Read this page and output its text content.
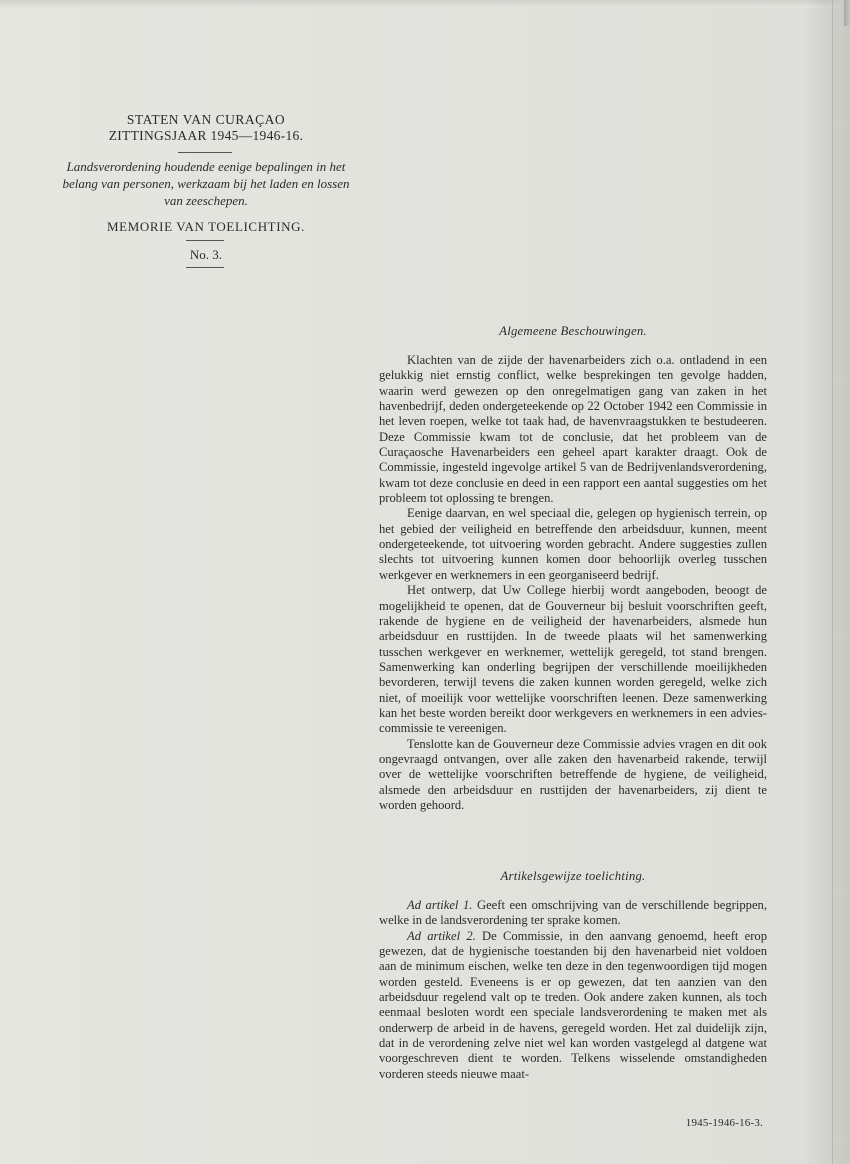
STATEN VAN CURAÇAO
ZITTINGSJAAR 1945—1946-16.
Landsverordening houdende eenige bepalingen in het belang van personen, werkzaam bij het laden en lossen van zeeschepen.
MEMORIE VAN TOELICHTING.
No. 3.
Algemeene Beschouwingen.

Klachten van de zijde der havenarbeiders zich o.a. ontladend in een gelukkig niet ernstig conflict, welke besprekingen ten gevolge hadden, waarin werd gewezen op den onregelmatigen gang van zaken in het havenbedrijf, deden ondergeteekende op 22 October 1942 een Commissie in het leven roepen, welke tot taak had, de havenvraagstukken te bestudeeren. Deze Commissie kwam tot de conclusie, dat het probleem van de Curaçaosche Havenarbeiders een geheel apart karakter draagt. Ook de Commissie, ingesteld ingevolge artikel 5 van de Bedrijvenlandsverordening, kwam tot deze conclusie en deed in een rapport een aantal suggesties om het probleem tot oplossing te brengen.

Eenige daarvan, en wel speciaal die, gelegen op hygienisch terrein, op het gebied der veiligheid en betreffende den arbeidsduur, kunnen, meent ondergeteekende, tot uitvoering worden gebracht. Andere suggesties zullen slechts tot uitvoering kunnen komen door behoorlijk overleg tusschen werkgever en werknemers in een georganiseerd bedrijf.

Het ontwerp, dat Uw College hierbij wordt aangeboden, beoogt de mogelijkheid te openen, dat de Gouverneur bij besluit voorschriften geeft, rakende de hygiene en de veiligheid der havenarbeiders, alsmede hun arbeidsduur en rusttijden. In de tweede plaats wil het samenwerking tusschen werkgever en werknemer, wettelijk geregeld, tot stand brengen. Samenwerking kan onderling begrijpen der verschillende moeilijkheden bevorderen, terwijl tevens die zaken kunnen worden geregeld, welke zich niet, of moeilijk voor wettelijke voorschriften leenen. Deze samenwerking kan het beste worden bereikt door werkgevers en werknemers in een advies-commissie te vereenigen.

Tenslotte kan de Gouverneur deze Commissie advies vragen en dit ook ongevraagd ontvangen, over alle zaken den havenarbeid rakende, terwijl over de wettelijke voorschriften betreffende de hygiene, de veiligheid, alsmede den arbeidsduur en rusttijden der havenarbeiders, zij dient te worden gehoord.

Artikelsgewijze toelichting.

Ad artikel 1. Geeft een omschrijving van de verschillende begrippen, welke in de landsverordening ter sprake komen.

Ad artikel 2. De Commissie, in den aanvang genoemd, heeft erop gewezen, dat de hygienische toestanden bij den havenarbeid niet voldoen aan de minimum eischen, welke ten deze in den tegenwoordigen tijd mogen worden gesteld. Eveneens is er op gewezen, dat ten aanzien van den arbeidsduur regelend valt op te treden. Ook andere zaken kunnen, als toch eenmaal besloten wordt een speciale landsverordening te maken met als onderwerp de arbeid in de havens, geregeld worden. Het zal duidelijk zijn, dat in de verordening zelve niet wel kan worden vastgelegd al datgene wat voorgeschreven dient te worden. Telkens wisselende omstandigheden vorderen steeds nieuwe maat-

1945-1946-16-3.
